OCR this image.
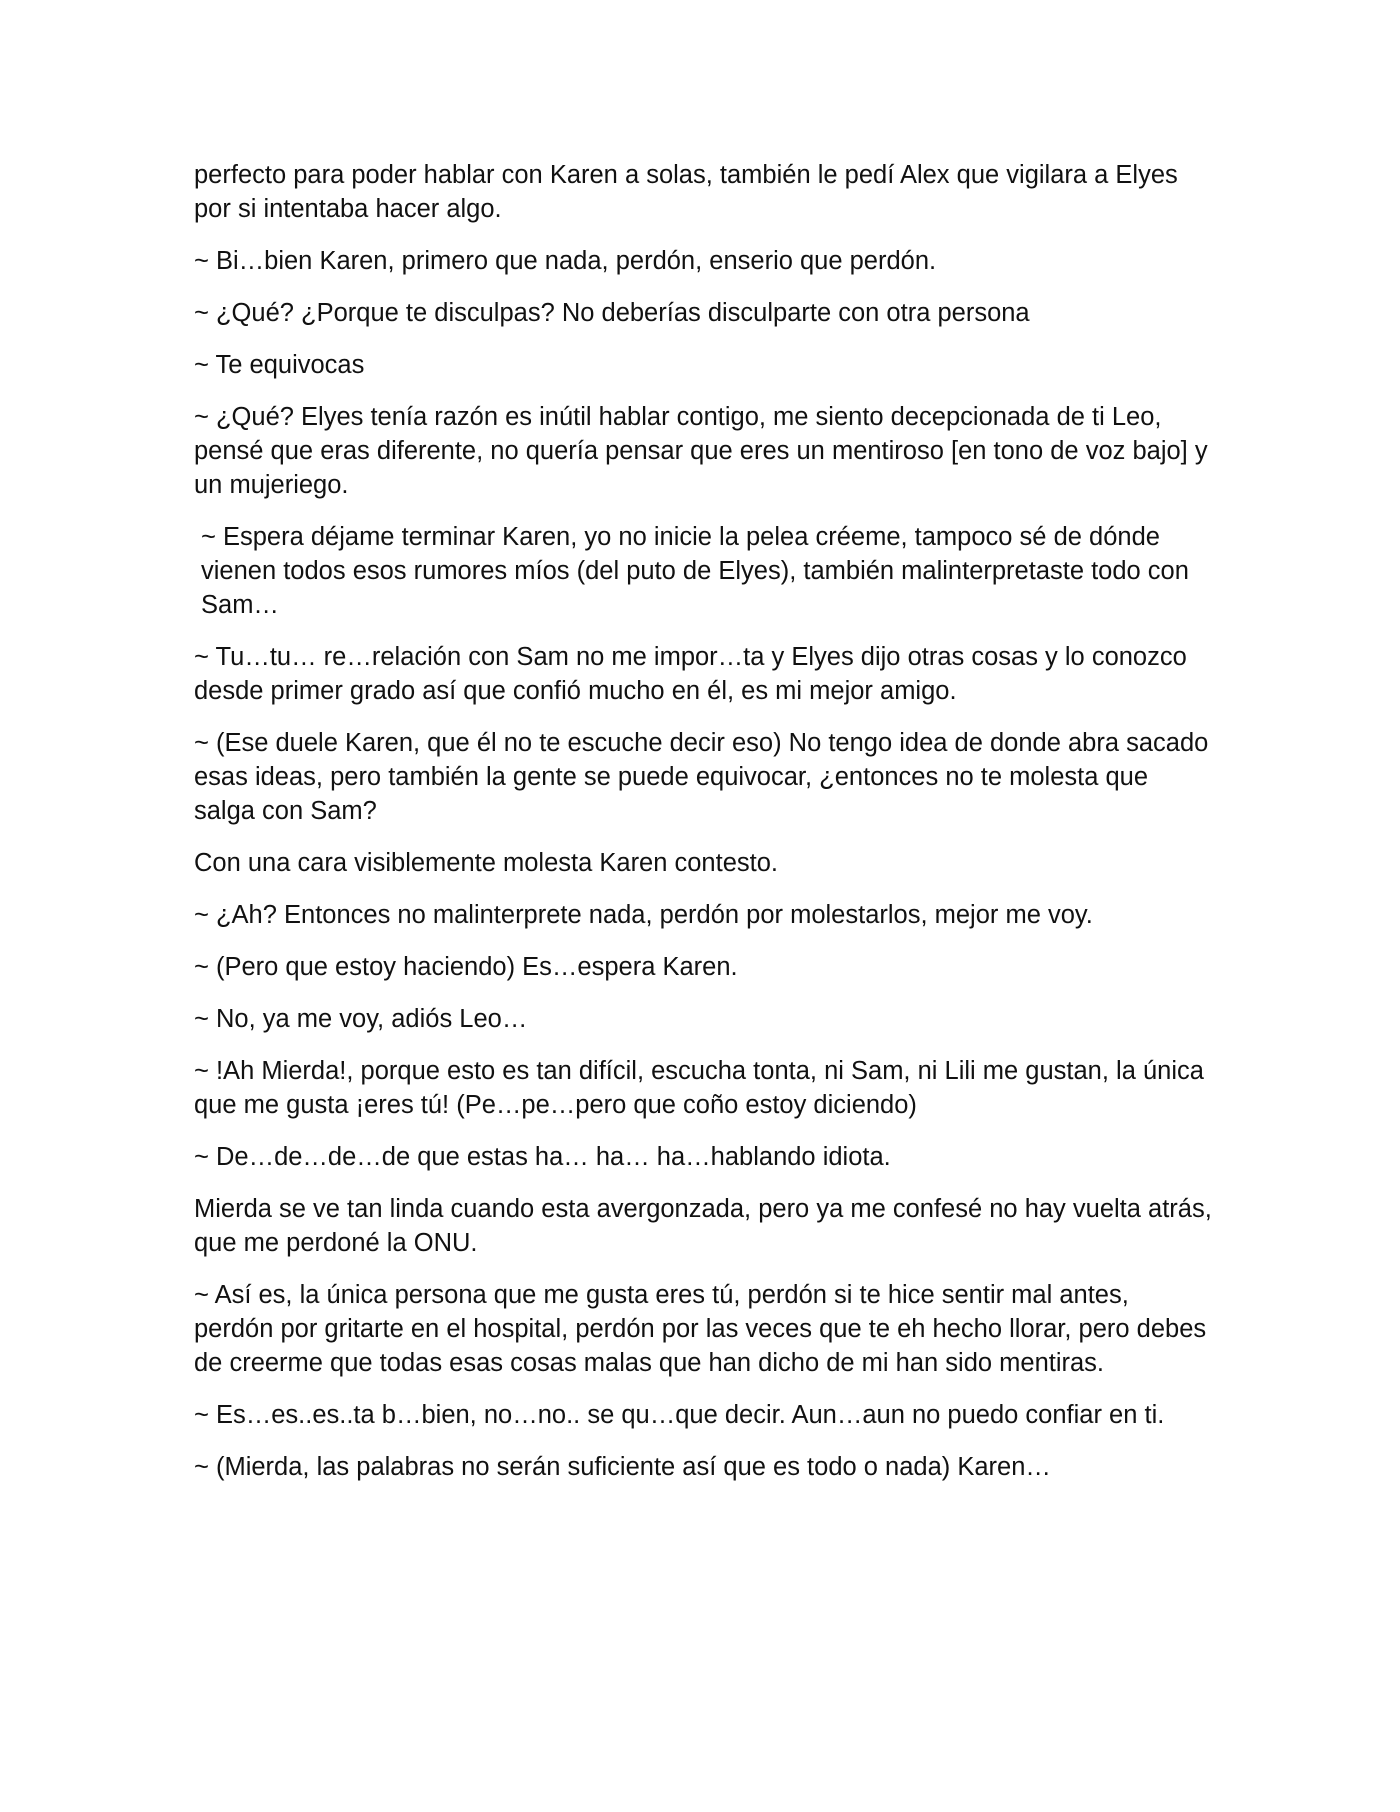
perfecto para poder hablar con Karen a solas, también le pedí Alex que vigilara a Elyes por si intentaba hacer algo.

~ Bi…bien Karen, primero que nada, perdón, enserio que perdón.

~ ¿Qué? ¿Porque te disculpas? No deberías disculparte con otra persona

~ Te equivocas

~ ¿Qué? Elyes tenía razón es inútil hablar contigo, me siento decepcionada de ti Leo, pensé que eras diferente, no quería pensar que eres un mentiroso [en tono de voz bajo] y un mujeriego.

~ Espera déjame terminar Karen, yo no inicie la pelea créeme, tampoco sé de dónde vienen todos esos rumores míos (del puto de Elyes), también malinterpretaste todo con Sam…

~ Tu…tu… re…relación con Sam no me impor…ta y Elyes dijo otras cosas y lo conozco desde primer grado así que confió mucho en él, es mi mejor amigo.

~ (Ese duele Karen, que él no te escuche decir eso) No tengo idea de donde abra sacado esas ideas, pero también la gente se puede equivocar, ¿entonces no te molesta que salga con Sam?

Con una cara visiblemente molesta Karen contesto.

~ ¿Ah? Entonces no malinterprete nada, perdón por molestarlos, mejor me voy.

~ (Pero que estoy haciendo) Es…espera Karen.

~ No, ya me voy, adiós Leo…

~ !Ah Mierda!, porque esto es tan difícil, escucha tonta, ni Sam, ni Lili me gustan, la única que me gusta ¡eres tú! (Pe…pe…pero que coño estoy diciendo)

~ De…de…de…de que estas ha… ha… ha…hablando idiota.

Mierda se ve tan linda cuando esta avergonzada, pero ya me confesé no hay vuelta atrás, que me perdoné la ONU.

~ Así es, la única persona que me gusta eres tú, perdón si te hice sentir mal antes, perdón por gritarte en el hospital, perdón por las veces que te eh hecho llorar, pero debes de creerme que todas esas cosas malas que han dicho de mi han sido mentiras.

~ Es…es..es..ta b…bien, no…no.. se qu…que decir. Aun…aun no puedo confiar en ti.

~ (Mierda, las palabras no serán suficiente así que es todo o nada) Karen…
